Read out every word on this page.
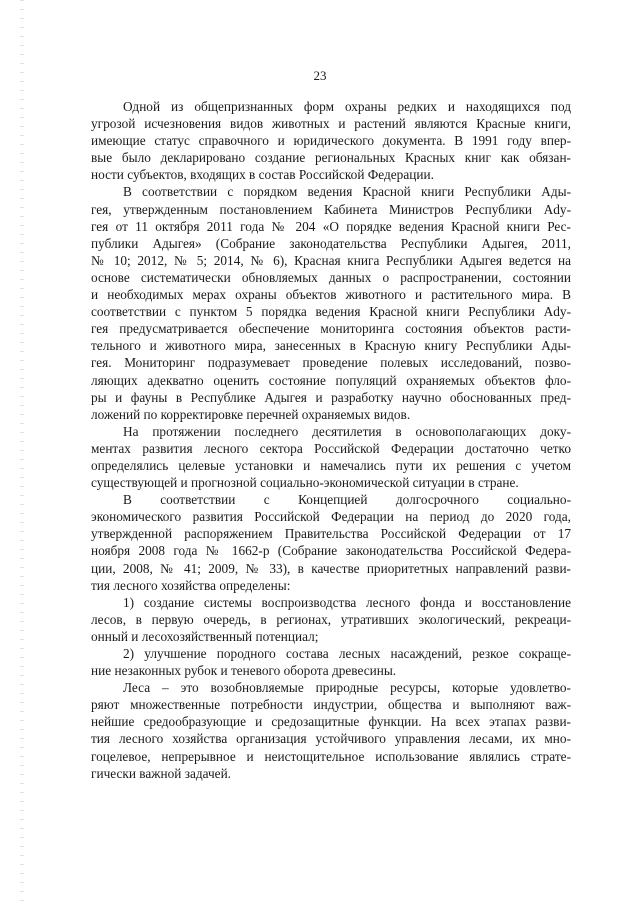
23
Одной из общепризнанных форм охраны редких и находящихся под
угрозой исчезновения видов животных и растений являются Красные книги,
имеющие статус справочного и юридического документа. В 1991 году впер-
вые было декларировано создание региональных Красных книг как обязан-
ности субъектов, входящих в состав Российской Федерации.
В соответствии с порядком ведения Красной книги Республики Ады-
гея, утвержденным постановлением Кабинета Министров Республики Ady-
гея от 11 октября 2011 года № 204 «О порядке ведения Красной книги Рес-
публики Адыгея» (Собрание законодательства Республики Адыгея, 2011,
№ 10; 2012, № 5; 2014, № 6), Красная книга Республики Адыгея ведется на
основе систематически обновляемых данных о распространении, состоянии
и необходимых мерах охраны объектов животного и растительного мира. В
соответствии с пунктом 5 порядка ведения Красной книги Республики Ady-
гея предусматривается обеспечение мониторинга состояния объектов расти-
тельного и животного мира, занесенных в Красную книгу Республики Ады-
гея. Мониторинг подразумевает проведение полевых исследований, позво-
ляющих адекватно оценить состояние популяций охраняемых объектов фло-
ры и фауны в Республике Адыгея и разработку научно обоснованных пред-
ложений по корректировке перечней охраняемых видов.
На протяжении последнего десятилетия в основополагающих доку-
ментах развития лесного сектора Российской Федерации достаточно четко
определялись целевые установки и намечались пути их решения с учетом
существующей и прогнозной социально-экономической ситуации в стране.
В соответствии с Концепцией долгосрочного социально-
экономического развития Российской Федерации на период до 2020 года,
утвержденной распоряжением Правительства Российской Федерации от 17
ноября 2008 года № 1662-р (Собрание законодательства Российской Федера-
ции, 2008, № 41; 2009, № 33), в качестве приоритетных направлений разви-
тия лесного хозяйства определены:
1) создание системы воспроизводства лесного фонда и восстановление
лесов, в первую очередь, в регионах, утративших экологический, рекреаци-
онный и лесохозяйственный потенциал;
2) улучшение породного состава лесных насаждений, резкое сокраще-
ние незаконных рубок и теневого оборота древесины.
Леса – это возобновляемые природные ресурсы, которые удовлетво-
ряют множественные потребности индустрии, общества и выполняют важ-
нейшие средообразующие и средозащитные функции. На всех этапах разви-
тия лесного хозяйства организация устойчивого управления лесами, их мно-
гоцелевое, непрерывное и неистощительное использование являлись страте-
гически важной задачей.
